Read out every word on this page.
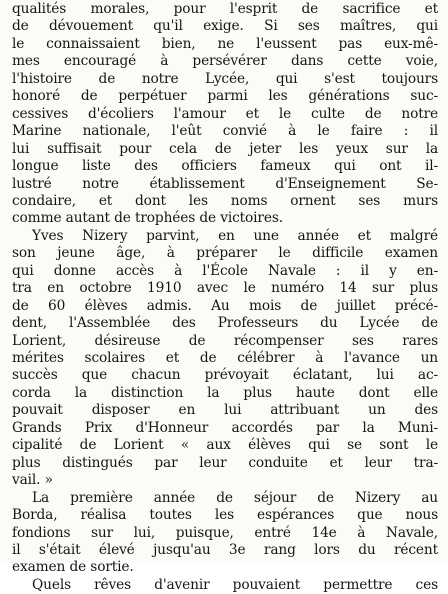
qualités morales, pour l'esprit de sacrifice et
de dévouement qu'il exige. Si ses maîtres, qui
le connaissaient bien, ne l'eussent pas eux-mê-
mes encouragé à persévérer dans cette voie,
l'histoire de notre Lycée, qui s'est toujours
honoré de perpétuer parmi les générations suc-
cessives d'écoliers l'amour et le culte de notre
Marine nationale, l'eût convié à le faire : il
lui suffisait pour cela de jeter les yeux sur la
longue liste des officiers fameux qui ont il-
lustré notre établissement d'Enseignement Se-
condaire, et dont les noms ornent ses murs
comme autant de trophées de victoires.
Yves Nizery parvint, en une année et malgré
son jeune âge, à préparer le difficile examen
qui donne accès à l'École Navale : il y en-
tra en octobre 1910 avec le numéro 14 sur plus
de 60 élèves admis. Au mois de juillet précé-
dent, l'Assemblée des Professeurs du Lycée de
Lorient, désireuse de récompenser ses rares
mérites scolaires et de célébrer à l'avance un
succès que chacun prévoyait éclatant, lui ac-
corda la distinction la plus haute dont elle
pouvait disposer en lui attribuant un des
Grands Prix d'Honneur accordés par la Muni-
cipalité de Lorient « aux élèves qui se sont le
plus distingués par leur conduite et leur tra-
vail. »
La première année de séjour de Nizery au
Borda, réalisa toutes les espérances que nous
fondions sur lui, puisque, entré 14e à Navale,
il s'était élevé jusqu'au 3e rang lors du récent
examen de sortie.
Quels rêves d'avenir pouvaient permettre ces
